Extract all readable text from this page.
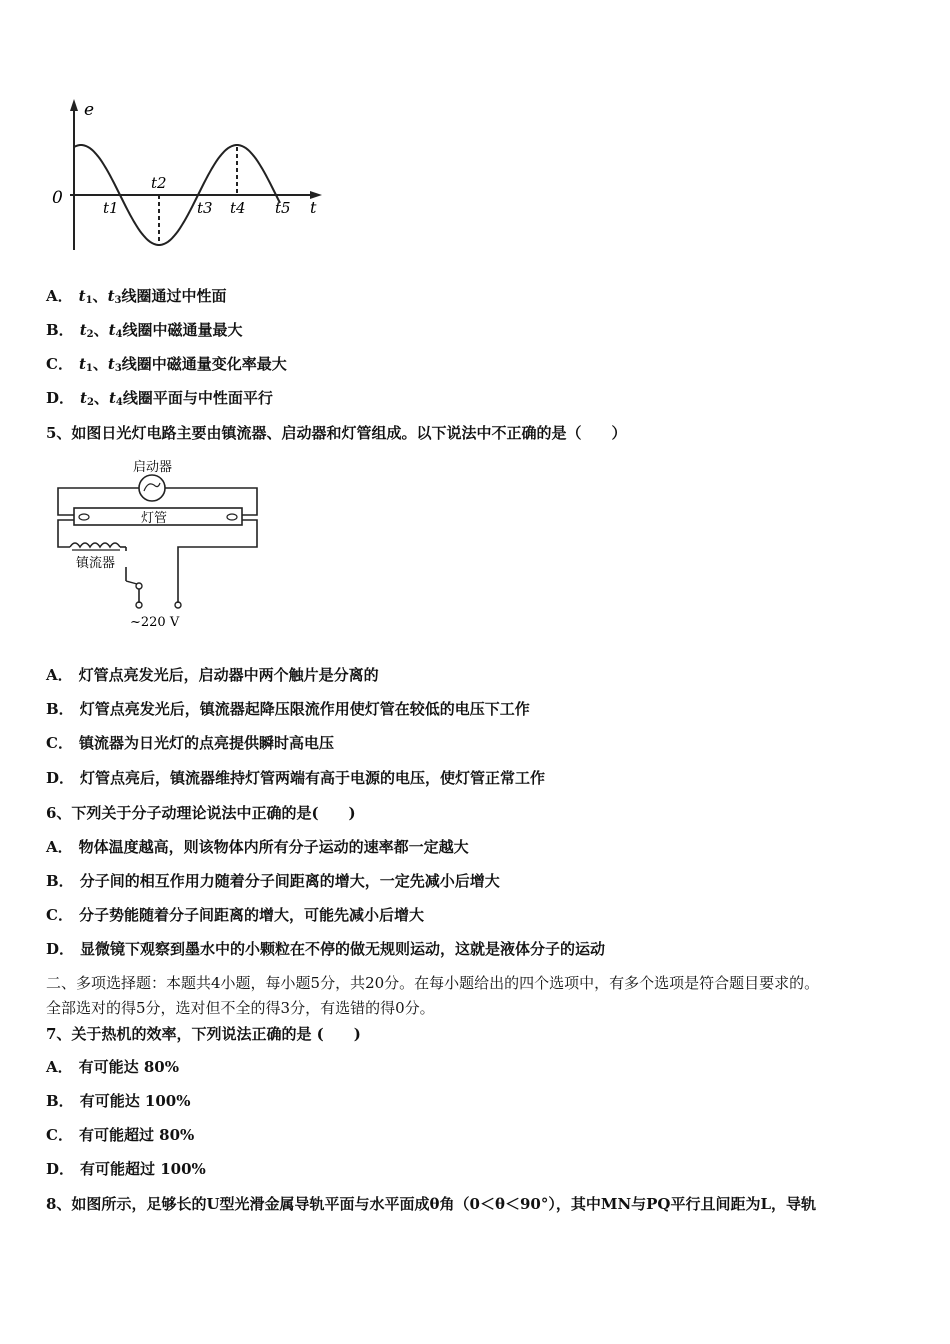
e
0	t
t1
t2
t3 t4 t5
A． $t_1$、$t_3$线圈通过中性面
B． $t_2$、$t_4$线圈中磁通量最大
C． $t_1$、$t_3$线圈中磁通量变化率最大
D． $t_2$、$t_4$线圈平面与中性面平行
5、如图日光灯电路主要由镇流器、启动器和灯管组成。以下说法中不正确的是（　　）
启动器
灯管
镇流器
~220 V
A． 灯管点亮发光后，启动器中两个触片是分离的
B． 灯管点亮发光后，镇流器起降压限流作用使灯管在较低的电压下工作
C． 镇流器为日光灯的点亮提供瞬时高电压
D． 灯管点亮后，镇流器维持灯管两端有高于电源的电压，使灯管正常工作
6、下列关于分子动理论说法中正确的是(　　)
A． 物体温度越高，则该物体内所有分子运动的速率都一定越大
B． 分子间的相互作用力随着分子间距离的增大，一定先减小后增大
C． 分子势能随着分子间距离的增大，可能先减小后增大
D． 显微镜下观察到墨水中的小颗粒在不停的做无规则运动，这就是液体分子的运动
二、多项选择题：本题共4小题，每小题5分，共20分。在每小题给出的四个选项中，有多个选项是符合题目要求的。
全部选对的得5分，选对但不全的得3分，有选错的得0分。
7、关于热机的效率，下列说法正确的是 (　　)
A． 有可能达 80%
B． 有可能达 100%
C． 有可能超过 80%
D． 有可能超过 100%
8、如图所示，足够长的U型光滑金属导轨平面与水平面成θ角（0＜θ＜90°），其中MN与PQ平行且间距为L，导轨
